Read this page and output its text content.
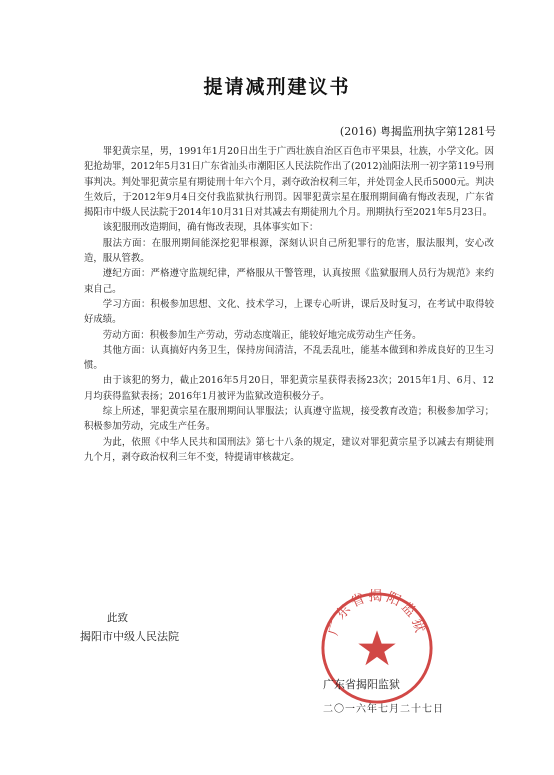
提请减刑建议书
(2016) 粤揭监刑执字第1281号

罪犯黄宗星，男，1991年1月20日出生于广西壮族自治区百色市平果县，壮族，小学文化。因犯抢劫罪，2012年5月31日广东省汕头市潮阳区人民法院作出了(2012)汕阳法刑一初字第119号刑事判决。判处罪犯黄宗星有期徒刑十年六个月，剥夺政治权利三年，并处罚金人民币5000元。判决生效后，于2012年9月4日交付我监狱执行刑罚。因罪犯黄宗星在服刑期间确有悔改表现，广东省揭阳市中级人民法院于2014年10月31日对其减去有期徒刑九个月。刑期执行至2021年5月23日。

该犯服刑改造期间，确有悔改表现，具体事实如下：

服法方面：在服刑期间能深挖犯罪根源，深刻认识自己所犯罪行的危害，服法服判，安心改造，服从管教。

遵纪方面：严格遵守监规纪律，严格服从干警管理，认真按照《监狱服刑人员行为规范》来约束自己。

学习方面：积极参加思想、文化、技术学习，上课专心听讲，课后及时复习，在考试中取得较好成绩。

劳动方面：积极参加生产劳动，劳动态度端正，能较好地完成劳动生产任务。

其他方面：认真搞好内务卫生，保持房间清洁，不乱丢乱吐，能基本做到和养成良好的卫生习惯。

由于该犯的努力，截止2016年5月20日，罪犯黄宗星获得表扬23次；2015年1月、6月、12月均获得监狱表扬；2016年1月被评为监狱改造积极分子。

综上所述，罪犯黄宗星在服刑期间认罪服法；认真遵守监规，接受教育改造；积极参加学习；积极参加劳动，完成生产任务。

为此，依照《中华人民共和国刑法》第七十八条的规定，建议对罪犯黄宗星予以减去有期徒刑九个月，剥夺政治权利三年不变，特提请审核裁定。

此致
揭阳市中级人民法院	广东省揭阳监狱
广东省揭阳监狱
二〇一六年七月二十七日
